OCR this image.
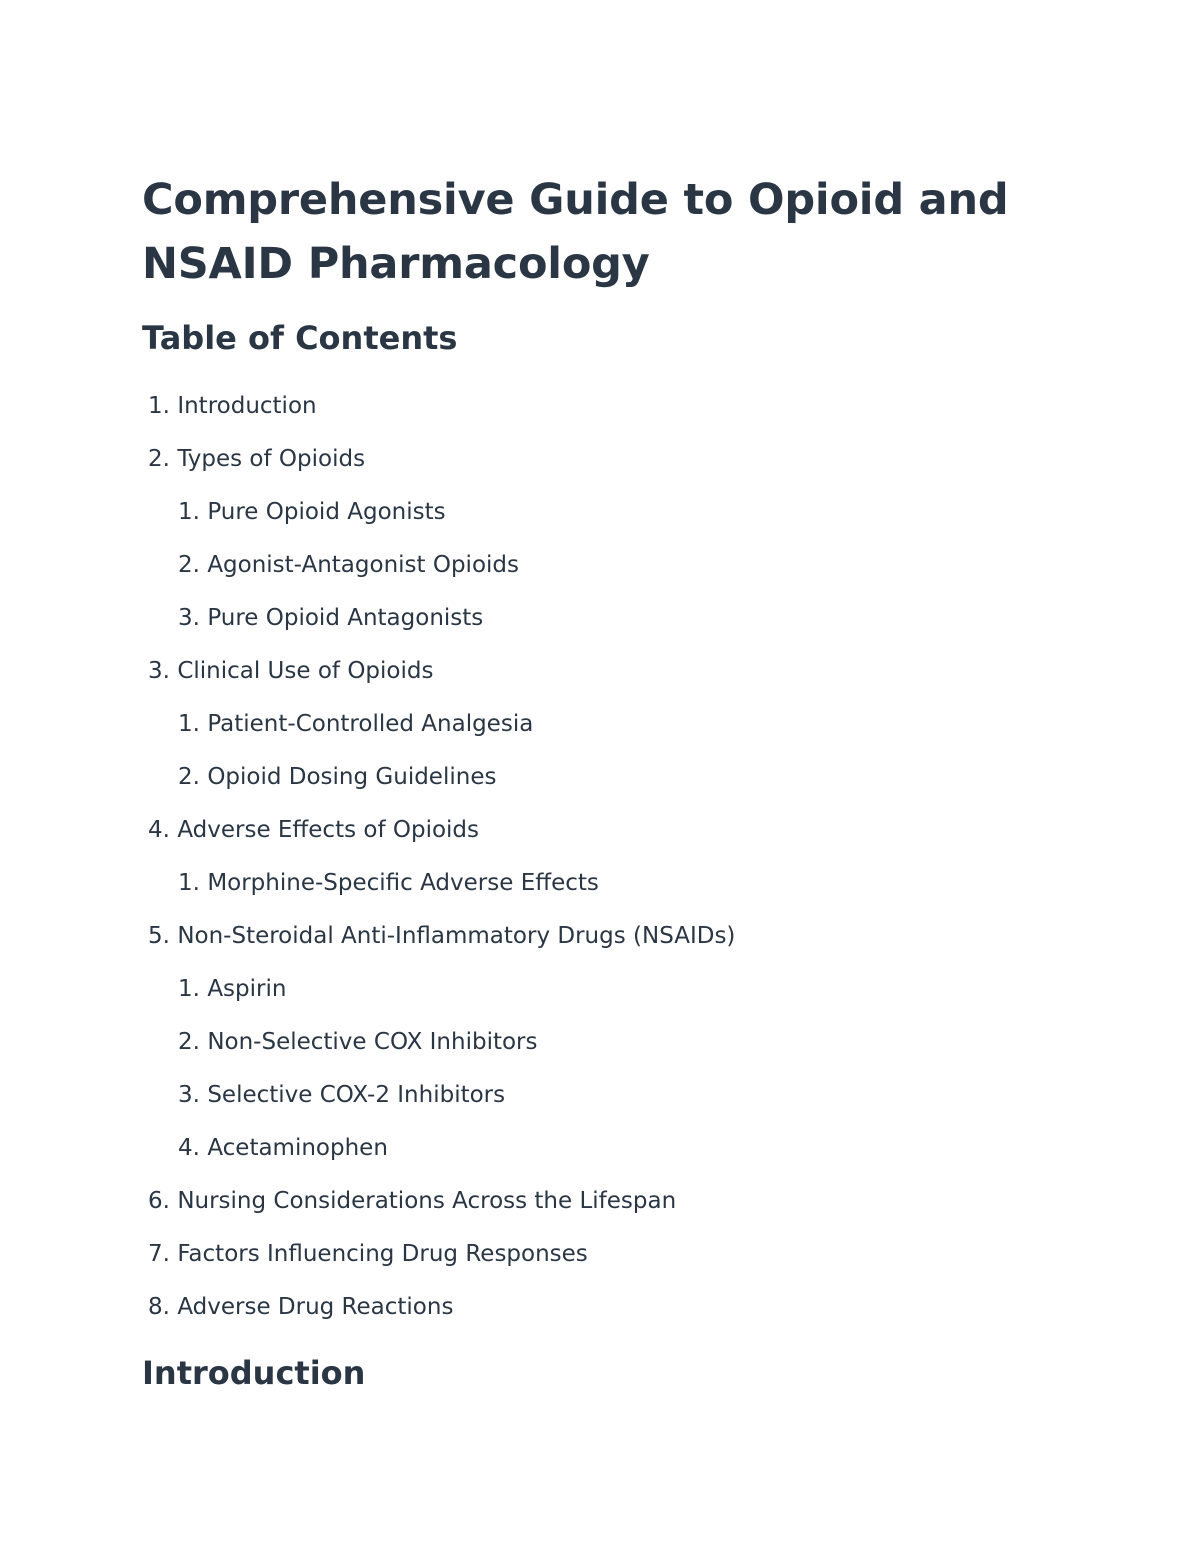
Comprehensive Guide to Opioid and NSAID Pharmacology
Table of Contents
1. Introduction
2. Types of Opioids
1. Pure Opioid Agonists
2. Agonist-Antagonist Opioids
3. Pure Opioid Antagonists
3. Clinical Use of Opioids
1. Patient-Controlled Analgesia
2. Opioid Dosing Guidelines
4. Adverse Effects of Opioids
1. Morphine-Specific Adverse Effects
5. Non-Steroidal Anti-Inflammatory Drugs (NSAIDs)
1. Aspirin
2. Non-Selective COX Inhibitors
3. Selective COX-2 Inhibitors
4. Acetaminophen
6. Nursing Considerations Across the Lifespan
7. Factors Influencing Drug Responses
8. Adverse Drug Reactions
Introduction
